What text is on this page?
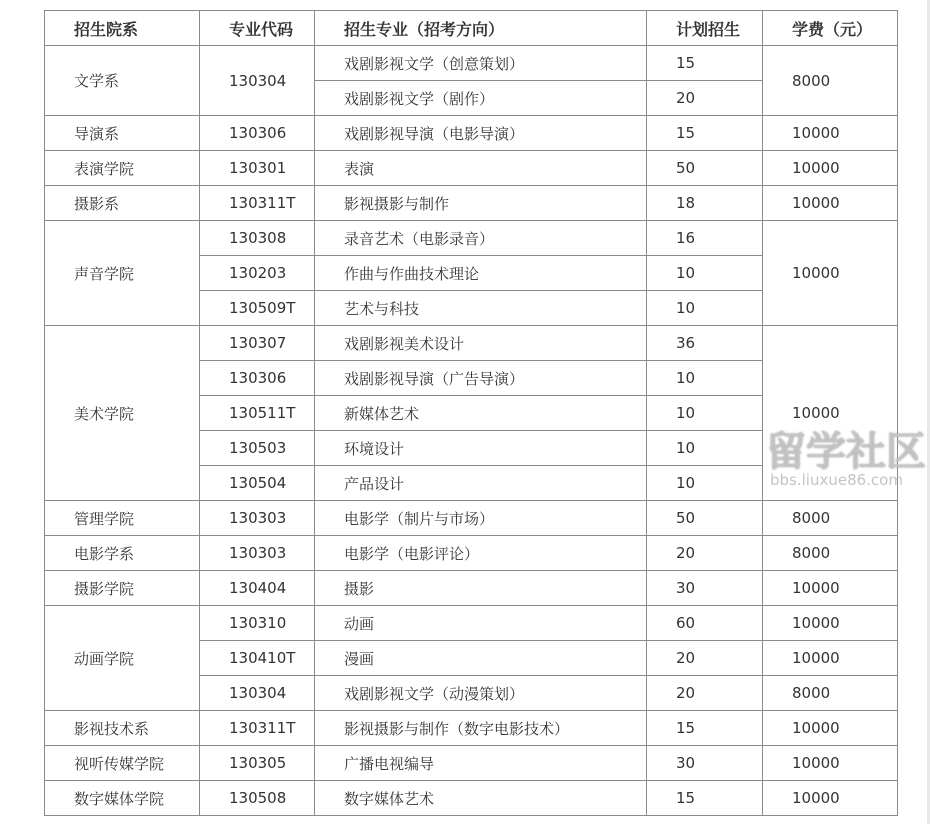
招生院系	专业代码	招生专业（招考方向）	计划招生	学费（元）
文学系	130304	戏剧影视文学（创意策划）	15	8000
		戏剧影视文学（剧作）	20	
导演系	130306	戏剧影视导演（电影导演）	15	10000
表演学院	130301	表演	50	10000
摄影系	130311T	影视摄影与制作	18	10000
声音学院	130308	录音艺术（电影录音）	16	10000
	130203	作曲与作曲技术理论	10	
	130509T	艺术与科技	10	
美术学院	130307	戏剧影视美术设计	36	10000
	130306	戏剧影视导演（广告导演）	10	
	130511T	新媒体艺术	10	
	130503	环境设计	10	
	130504	产品设计	10	
管理学院	130303	电影学（制片与市场）	50	8000
电影学系	130303	电影学（电影评论）	20	8000
摄影学院	130404	摄影	30	10000
动画学院	130310	动画	60	10000
	130410T	漫画	20	10000
	130304	戏剧影视文学（动漫策划）	20	8000
影视技术系	130311T	影视摄影与制作（数字电影技术）	15	10000
视听传媒学院	130305	广播电视编导	30	10000
数字媒体学院	130508	数字媒体艺术	15	10000
留学社区
bbs.liuxue86.com
